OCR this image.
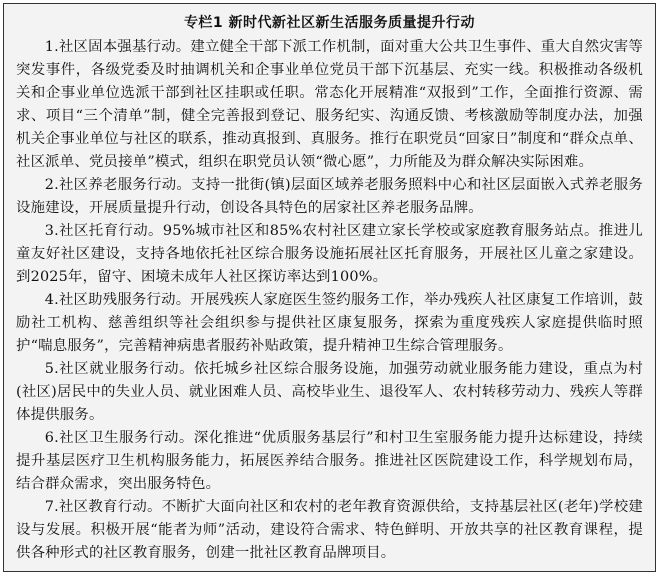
专栏1 新时代新社区新生活服务质量提升行动

1.社区固本强基行动。建立健全干部下派工作机制，面对重大公共卫生事件、重大自然灾害等突发事件，各级党委及时抽调机关和企事业单位党员干部下沉基层、充实一线。积极推动各级机关和企事业单位选派干部到社区挂职或任职。常态化开展精准“双报到”工作，全面推行资源、需求、项目“三个清单”制，健全完善报到登记、服务纪实、沟通反馈、考核激励等制度办法，加强机关企事业单位与社区的联系，推动真报到、真服务。推行在职党员“回家日”制度和“群众点单、社区派单、党员接单”模式，组织在职党员认领“微心愿”，力所能及为群众解决实际困难。

2.社区养老服务行动。支持一批街(镇)层面区域养老服务照料中心和社区层面嵌入式养老服务设施建设，开展质量提升行动，创设各具特色的居家社区养老服务品牌。

3.社区托育行动。95%城市社区和85%农村社区建立家长学校或家庭教育服务站点。推进儿童友好社区建设，支持各地依托社区综合服务设施拓展社区托育服务，开展社区儿童之家建设。到2025年，留守、困境未成年人社区探访率达到100%。

4.社区助残服务行动。开展残疾人家庭医生签约服务工作，举办残疾人社区康复工作培训，鼓励社工机构、慈善组织等社会组织参与提供社区康复服务，探索为重度残疾人家庭提供临时照护“喘息服务”，完善精神病患者服药补贴政策，提升精神卫生综合管理服务。

5.社区就业服务行动。依托城乡社区综合服务设施，加强劳动就业服务能力建设，重点为村(社区)居民中的失业人员、就业困难人员、高校毕业生、退役军人、农村转移劳动力、残疾人等群体提供服务。

6.社区卫生服务行动。深化推进“优质服务基层行”和村卫生室服务能力提升达标建设，持续提升基层医疗卫生机构服务能力，拓展医养结合服务。推进社区医院建设工作，科学规划布局，结合群众需求，突出服务特色。

7.社区教育行动。不断扩大面向社区和农村的老年教育资源供给，支持基层社区(老年)学校建设与发展。积极开展“能者为师”活动，建设符合需求、特色鲜明、开放共享的社区教育课程，提供各种形式的社区教育服务，创建一批社区教育品牌项目。
